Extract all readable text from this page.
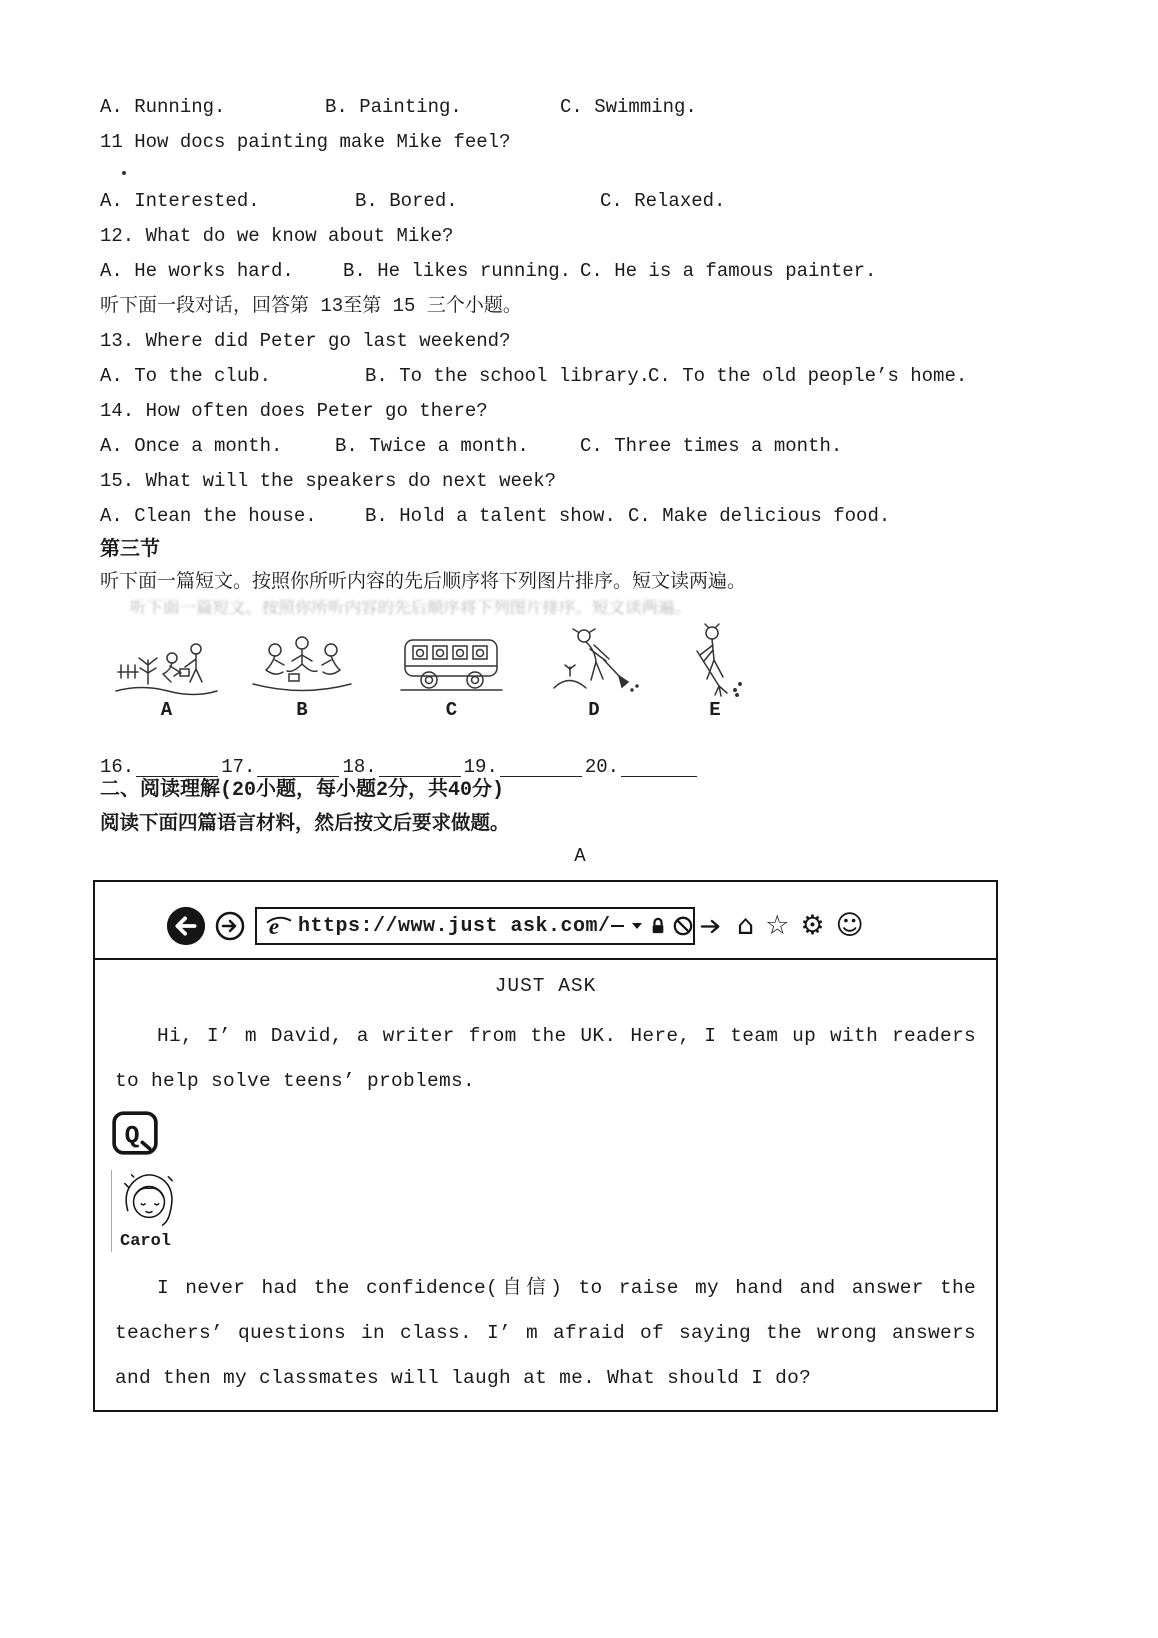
A. Running.	B. Painting.	C. Swimming.
11 How docs painting make Mike feel?
A. Interested.	B. Bored.	C. Relaxed.
12. What do we know about Mike?
A. He works hard.	B. He likes running. C. He is a famous painter.
听下面一段对话，回答第 13至第 15 三个小题。
13. Where did Peter go last weekend?
A. To the club.	B. To the school library.
C. To the old people’s home.
14. How often does Peter go there?
A. Once a month.	B. Twice a month.	C. Three times a month.
15. What will the speakers do next week?
A. Clean the house.	B. Hold a talent show. C. Make delicious food.
第三节
听下面一篇短文。按照你所听内容的先后顺序将下列图片排序。短文读两遍。
听下面一篇短文。按照你所听内容的先后顺序将下列图片排序。短文读两遍。
A	B	C	D	E
16.	17.	18.	19.	20.
二、阅读理解(20小题，每小题2分，共40分)
阅读下面四篇语言材料，然后按文后要求做题。
A
e https://www.just ask.com/	⌂ ☆ ⚙ ☺
JUST ASK

Hi, I’ m David, a writer from the UK. Here, I team up with readers to help solve teens’ problems.

Q
Carol

I never had the confidence(自信) to raise my hand and answer the teachers’ questions in class. I’ m afraid of saying the wrong answers and then my classmates will laugh at me. What should I do?
